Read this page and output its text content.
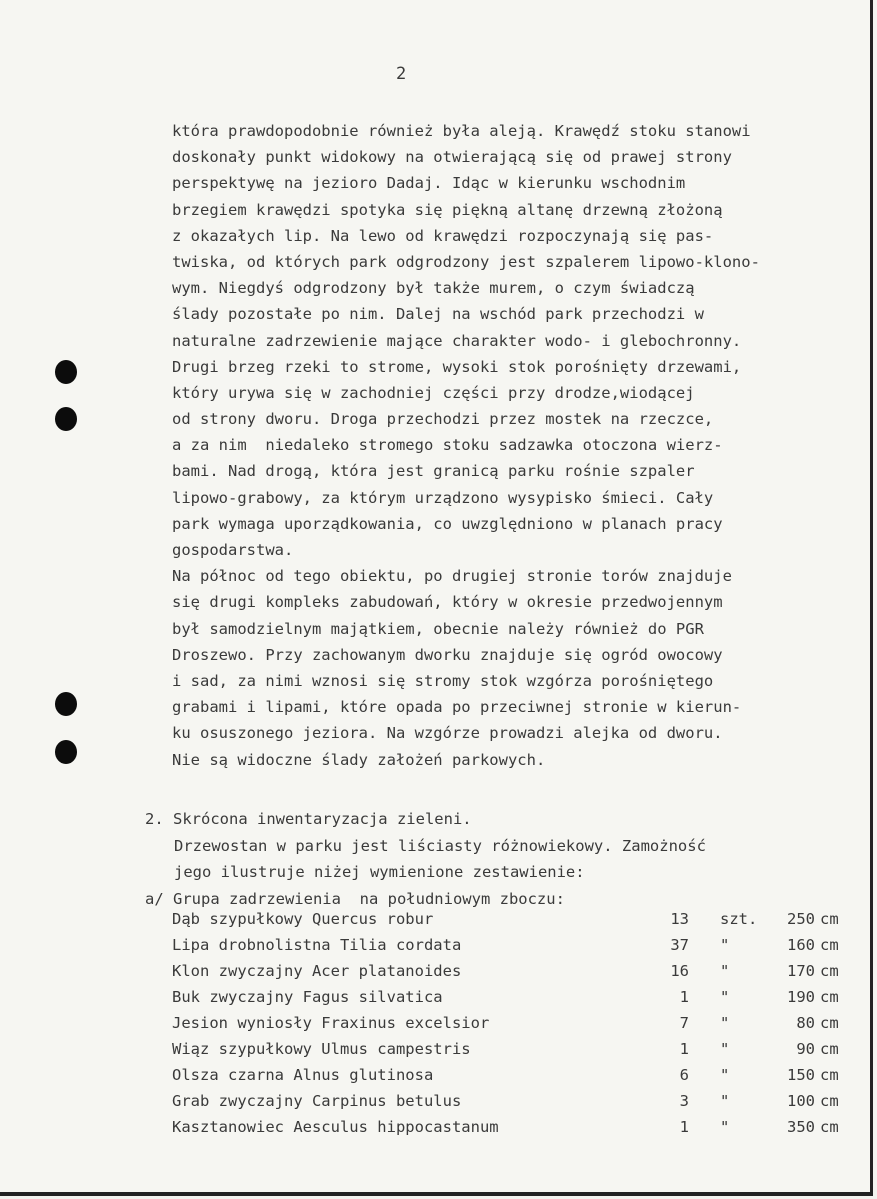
2
która prawdopodobnie również była aleją. Krawędź stoku stanowi
doskonały punkt widokowy na otwierającą się od prawej strony
perspektywę na jezioro Dadaj. Idąc w kierunku wschodnim
brzegiem krawędzi spotyka się piękną altanę drzewną złożoną
z okazałych lip. Na lewo od krawędzi rozpoczynają się pas-
twiska, od których park odgrodzony jest szpalerem lipowo-klono-
wym. Niegdyś odgrodzony był także murem, o czym świadczą
ślady pozostałe po nim. Dalej na wschód park przechodzi w
naturalne zadrzewienie mające charakter wodo- i glebochronny.
Drugi brzeg rzeki to strome, wysoki stok porośnięty drzewami,
który urywa się w zachodniej części przy drodze,wiodącej
od strony dworu. Droga przechodzi przez mostek na rzeczce,
a za nim  niedaleko stromego stoku sadzawka otoczona wierz-
bami. Nad drogą, która jest granicą parku rośnie szpaler
lipowo-grabowy, za którym urządzono wysypisko śmieci. Cały
park wymaga uporządkowania, co uwzględniono w planach pracy
gospodarstwa.
Na północ od tego obiektu, po drugiej stronie torów znajduje
się drugi kompleks zabudowań, który w okresie przedwojennym
był samodzielnym majątkiem, obecnie należy również do PGR
Droszewo. Przy zachowanym dworku znajduje się ogród owocowy
i sad, za nimi wznosi się stromy stok wzgórza porośniętego
grabami i lipami, które opada po przeciwnej stronie w kierun-
ku osuszonego jeziora. Na wzgórze prowadzi alejka od dworu.
Nie są widoczne ślady założeń parkowych.
2. Skrócona inwentaryzacja zieleni.
Drzewostan w parku jest liściasty różnowiekowy. Zamożność
jego ilustruje niżej wymienione zestawienie:
a/ Grupa zadrzewienia  na południowym zboczu:
Dąb szypułkowy Quercus robur	13 szt.	250 cm
Lipa drobnolistna Tilia cordata	37 "	160 cm
Klon zwyczajny Acer platanoides	16 "	170 cm
Buk zwyczajny Fagus silvatica	1 "	190 cm
Jesion wyniosły Fraxinus excelsior	7 "	80 cm
Wiąz szypułkowy Ulmus campestris	1 "	90 cm
Olsza czarna Alnus glutinosa	6 "	150 cm
Grab zwyczajny Carpinus betulus	3 "	100 cm
Kasztanowiec Aesculus hippocastanum	1 "	350 cm
